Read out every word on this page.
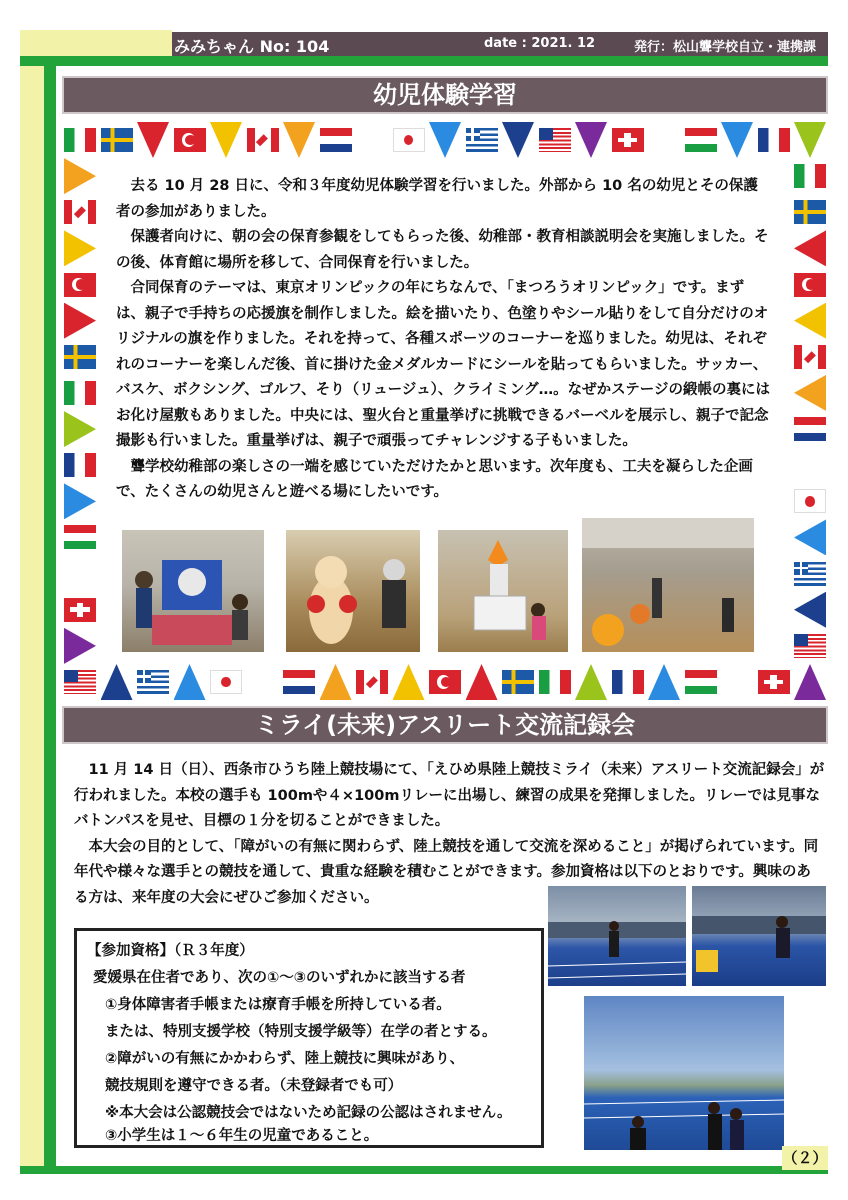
みみちゃん No: 104	date : 2021. 12	発行：松山聾学校自立・連携課
幼児体験学習

去る 10 月 28 日に、令和３年度幼児体験学習を行いました。外部から 10 名の幼児とその保護者の参加がありました。

保護者向けに、朝の会の保育参観をしてもらった後、幼稚部・教育相談説明会を実施しました。その後、体育館に場所を移して、合同保育を行いました。

合同保育のテーマは、東京オリンピックの年にちなんで、「まつろうオリンピック」です。まずは、親子で手持ちの応援旗を制作しました。絵を描いたり、色塗りやシール貼りをして自分だけのオリジナルの旗を作りました。それを持って、各種スポーツのコーナーを巡りました。幼児は、それぞれのコーナーを楽しんだ後、首に掛けた金メダルカードにシールを貼ってもらいました。サッカー、バスケ、ボクシング、ゴルフ、そり（リュージュ）、クライミング…。なぜかステージの緞帳の裏にはお化け屋敷もありました。中央には、聖火台と重量挙げに挑戦できるバーベルを展示し、親子で記念撮影も行いました。重量挙げは、親子で頑張ってチャレンジする子もいました。

聾学校幼稚部の楽しさの一端を感じていただけたかと思います。次年度も、工夫を凝らした企画で、たくさんの幼児さんと遊べる場にしたいです。

ミライ(未来)アスリート交流記録会

11 月 14 日（日）、西条市ひうち陸上競技場にて、「えひめ県陸上競技ミライ（未来）アスリート交流記録会」が行われました。本校の選手も 100mや４×100mリレーに出場し、練習の成果を発揮しました。リレーでは見事なバトンパスを見せ、目標の１分を切ることができました。

本大会の目的として、「障がいの有無に関わらず、陸上競技を通して交流を深めること」が掲げられています。同年代や様々な選手との競技を通して、貴重な経験を積むことができます。参加資格は以下のとおりです。興味のある方は、来年度の大会にぜひご参加ください。

【参加資格】（Ｒ３年度）
愛媛県在住者であり、次の①～③のいずれかに該当する者
①身体障害者手帳または療育手帳を所持している者。
または、特別支援学校（特別支援学級等）在学の者とする。
②障がいの有無にかかわらず、陸上競技に興味があり、
競技規則を遵守できる者。（未登録者でも可）
※本大会は公認競技会ではないため記録の公認はされません。
③小学生は１～６年生の児童であること。
（２）
